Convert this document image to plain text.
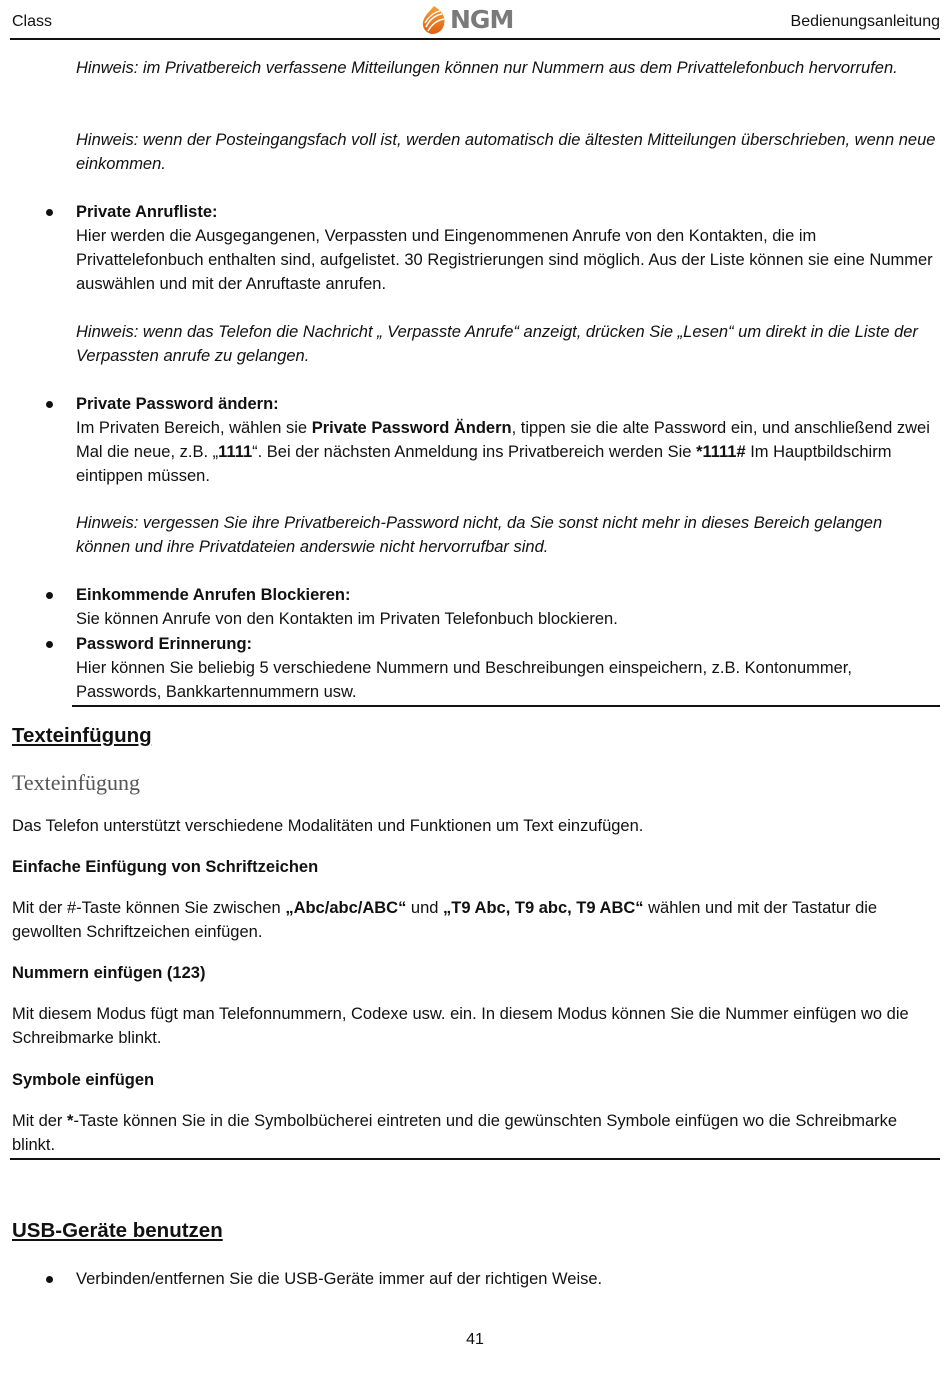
Class	NGM	Bedienungsanleitung

Hinweis: im Privatbereich verfassene Mitteilungen können nur Nummern aus dem Privattelefonbuch hervorrufen.

Hinweis: wenn der Posteingangsfach voll ist, werden automatisch die ältesten Mitteilungen überschrieben, wenn neue einkommen.

Private Anrufliste:

Hier werden die Ausgegangenen, Verpassten und Eingenommenen Anrufe von den Kontakten, die im Privattelefonbuch enthalten sind, aufgelistet. 30 Registrierungen sind möglich. Aus der Liste können sie eine Nummer auswählen und mit der Anruftaste anrufen.

Hinweis: wenn das Telefon die Nachricht „ Verpasste Anrufe“ anzeigt, drücken Sie „Lesen“ um direkt in die Liste der Verpassten anrufe zu gelangen.

Private Password ändern:

Im Privaten Bereich, wählen sie Private Password Ändern, tippen sie die alte Password ein, und anschließend zwei Mal die neue, z.B. „1111“. Bei der nächsten Anmeldung ins Privatbereich werden Sie *1111# Im Hauptbildschirm eintippen müssen.

Hinweis: vergessen Sie ihre Privatbereich-Password nicht, da Sie sonst nicht mehr in dieses Bereich gelangen können und ihre Privatdateien anderswie nicht hervorrufbar sind.

Einkommende Anrufen Blockieren:

Sie können Anrufe von den Kontakten im Privaten Telefonbuch blockieren.

Password Erinnerung:

Hier können Sie beliebig 5 verschiedene Nummern und Beschreibungen einspeichern, z.B. Kontonummer, Passwords, Bankkartennummern usw.

Texteinfügung
Texteinfügung

Das Telefon unterstützt verschiedene Modalitäten und Funktionen um Text einzufügen.

Einfache Einfügung von Schriftzeichen

Mit der #-Taste können Sie zwischen „Abc/abc/ABC“ und „T9 Abc, T9 abc, T9 ABC“ wählen und mit der Tastatur die gewollten Schriftzeichen einfügen.

Nummern einfügen (123)

Mit diesem Modus fügt man Telefonnummern, Codexe usw. ein. In diesem Modus können Sie die Nummer einfügen wo die Schreibmarke blinkt.

Symbole einfügen

Mit der *-Taste können Sie in die Symbolbücherei eintreten und die gewünschten Symbole einfügen wo die Schreibmarke blinkt.

USB-Geräte benutzen

Verbinden/entfernen Sie die USB-Geräte immer auf der richtigen Weise.

41
